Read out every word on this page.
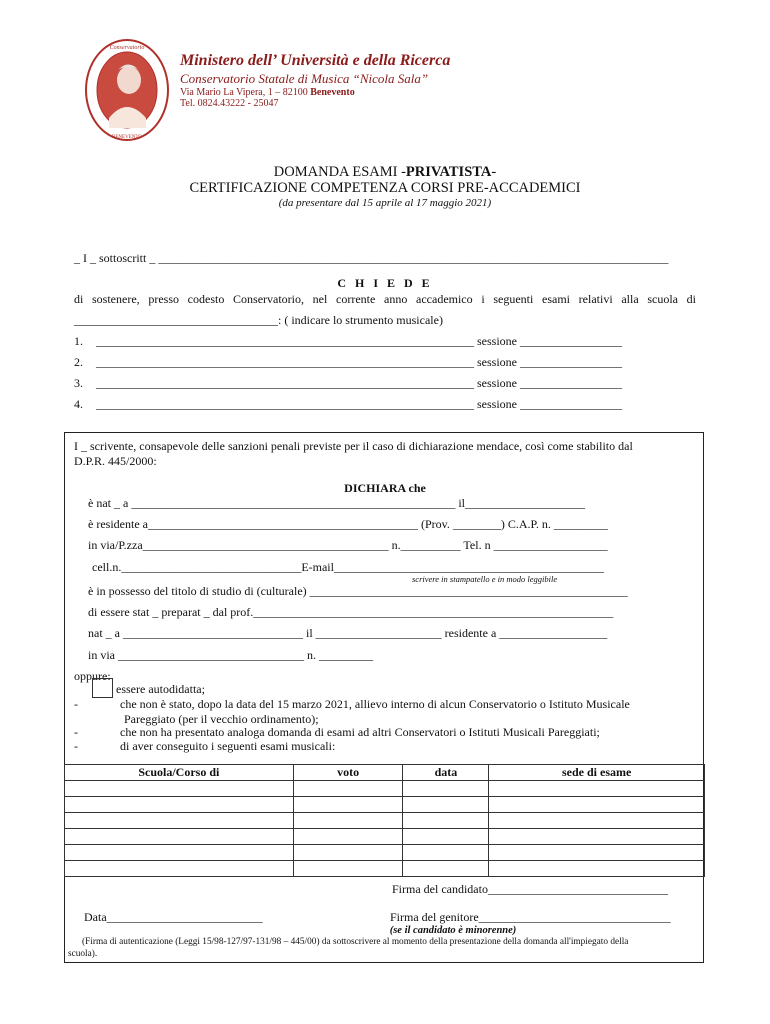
Conservatorio
BENEVENTO
Ministero dell’ Università e della Ricerca
Conservatorio Statale di Musica “Nicola Sala”
Via Mario La Vipera, 1 – 82100 Benevento
Tel. 0824.43222 - 25047
DOMANDA ESAMI -PRIVATISTA-
CERTIFICAZIONE COMPETENZA CORSI PRE-ACCADEMICI
(da presentare dal 15 aprile al 17 maggio 2021)
_ I _ sottoscritt _ _____________________________________________________________________________________
C H I E D E
di sostenere, presso codesto Conservatorio, nel corrente anno accademico i seguenti esami relativi alla scuola di
__________________________________: ( indicare lo strumento musicale)
1. _______________________________________________________________ sessione _________________
2. _______________________________________________________________ sessione _________________
3. _______________________________________________________________ sessione _________________
4. _______________________________________________________________ sessione _________________
I _ scrivente, consapevole delle sanzioni penali previste per il caso di dichiarazione mendace, così come stabilito dal
D.P.R. 445/2000:
DICHIARA che
è nat _ a ______________________________________________________ il____________________
è residente a_____________________________________________ (Prov. ________) C.A.P. n. _________
in via/P.zza_________________________________________ n.__________ Tel. n ___________________
cell.n.______________________________E-mail_____________________________________________
scrivere in stampatello e in modo leggibile
è in possesso del titolo di studio di (culturale) _____________________________________________________
di essere stat _ preparat _ dal prof.____________________________________________________________
nat _ a ______________________________ il _____________________ residente a __________________
in via _______________________________ n. _________
oppure:
essere autodidatta;
-	che non è stato, dopo la data del 15 marzo 2021, allievo interno di alcun Conservatorio o Istituto Musicale
Pareggiato (per il vecchio ordinamento);
-	che non ha presentato analoga domanda di esami ad altri Conservatori o Istituti Musicali Pareggiati;
-	di aver conseguito i seguenti esami musicali:
Scuola/Corso di	voto	data	sede di esame

Firma del candidato______________________________
Data__________________________	Firma del genitore________________________________
(se il candidato è minorenne)
(Firma di autenticazione (Leggi 15/98-127/97-131/98 – 445/00) da sottoscrivere al momento della presentazione della domanda all'impiegato della
scuola).
